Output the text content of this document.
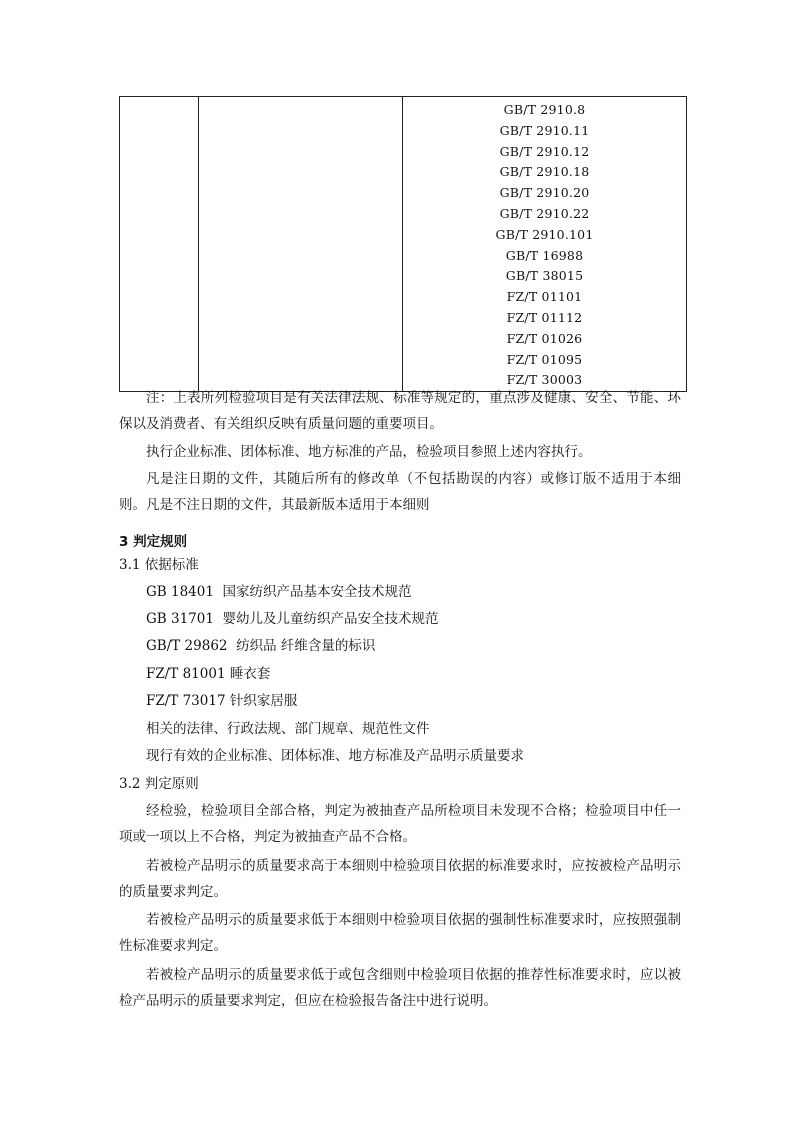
GB/T 2910.8
GB/T 2910.11
GB/T 2910.12
GB/T 2910.18
GB/T 2910.20
GB/T 2910.22
GB/T 2910.101
GB/T 16988
GB/T 38015
FZ/T 01101
FZ/T 01112
FZ/T 01026
FZ/T 01095
FZ/T 30003

注：上表所列检验项目是有关法律法规、标准等规定的，重点涉及健康、安全、节能、环保以及消费者、有关组织反映有质量问题的重要项目。

执行企业标准、团体标准、地方标准的产品，检验项目参照上述内容执行。

凡是注日期的文件，其随后所有的修改单（不包括勘误的内容）或修订版不适用于本细则。凡是不注日期的文件，其最新版本适用于本细则

3 判定规则

3.1 依据标准

GB 18401  国家纺织产品基本安全技术规范

GB 31701  婴幼儿及儿童纺织产品安全技术规范

GB/T 29862  纺织品 纤维含量的标识

FZ/T 81001 睡衣套

FZ/T 73017 针织家居服

相关的法律、行政法规、部门规章、规范性文件

现行有效的企业标准、团体标准、地方标准及产品明示质量要求

3.2 判定原则

经检验，检验项目全部合格，判定为被抽查产品所检项目未发现不合格；检验项目中任一项或一项以上不合格，判定为被抽查产品不合格。

若被检产品明示的质量要求高于本细则中检验项目依据的标准要求时，应按被检产品明示的质量要求判定。

若被检产品明示的质量要求低于本细则中检验项目依据的强制性标准要求时，应按照强制性标准要求判定。

若被检产品明示的质量要求低于或包含细则中检验项目依据的推荐性标准要求时，应以被检产品明示的质量要求判定，但应在检验报告备注中进行说明。
